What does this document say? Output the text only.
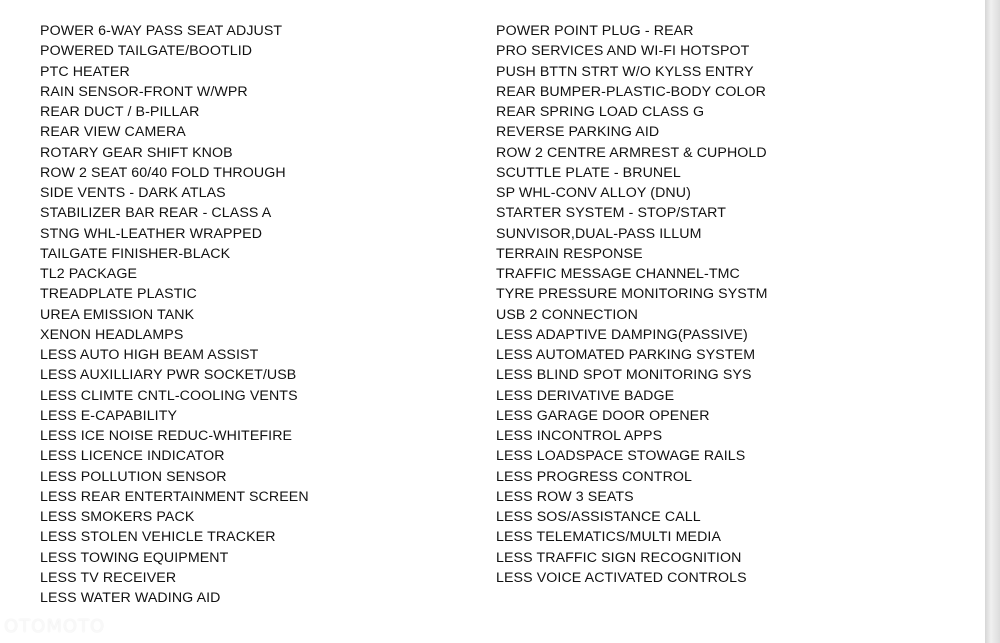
POWER 6-WAY PASS SEAT ADJUST
POWERED TAILGATE/BOOTLID
PTC HEATER
RAIN SENSOR-FRONT W/WPR
REAR DUCT / B-PILLAR
REAR VIEW CAMERA
ROTARY GEAR SHIFT KNOB
ROW 2 SEAT 60/40 FOLD THROUGH
SIDE VENTS - DARK ATLAS
STABILIZER BAR REAR - CLASS A
STNG WHL-LEATHER WRAPPED
TAILGATE FINISHER-BLACK
TL2 PACKAGE
TREADPLATE PLASTIC
UREA EMISSION TANK
XENON HEADLAMPS
LESS AUTO HIGH BEAM ASSIST
LESS AUXILLIARY PWR SOCKET/USB
LESS CLIMTE CNTL-COOLING VENTS
LESS E-CAPABILITY
LESS ICE NOISE REDUC-WHITEFIRE
LESS LICENCE INDICATOR
LESS POLLUTION SENSOR
LESS REAR ENTERTAINMENT SCREEN
LESS SMOKERS PACK
LESS STOLEN VEHICLE TRACKER
LESS TOWING EQUIPMENT
LESS TV RECEIVER
LESS WATER WADING AID
POWER POINT PLUG - REAR
PRO SERVICES AND WI-FI HOTSPOT
PUSH BTTN STRT W/O KYLSS ENTRY
REAR BUMPER-PLASTIC-BODY COLOR
REAR SPRING LOAD CLASS G
REVERSE PARKING AID
ROW 2 CENTRE ARMREST & CUPHOLD
SCUTTLE PLATE - BRUNEL
SP WHL-CONV ALLOY (DNU)
STARTER SYSTEM - STOP/START
SUNVISOR,DUAL-PASS ILLUM
TERRAIN RESPONSE
TRAFFIC MESSAGE CHANNEL-TMC
TYRE PRESSURE MONITORING SYSTM
USB 2 CONNECTION
LESS ADAPTIVE DAMPING(PASSIVE)
LESS AUTOMATED PARKING SYSTEM
LESS BLIND SPOT MONITORING SYS
LESS DERIVATIVE BADGE
LESS GARAGE DOOR OPENER
LESS INCONTROL APPS
LESS LOADSPACE STOWAGE RAILS
LESS PROGRESS CONTROL
LESS ROW 3 SEATS
LESS SOS/ASSISTANCE CALL
LESS TELEMATICS/MULTI MEDIA
LESS TRAFFIC SIGN RECOGNITION
LESS VOICE ACTIVATED CONTROLS
OTOMOTO
